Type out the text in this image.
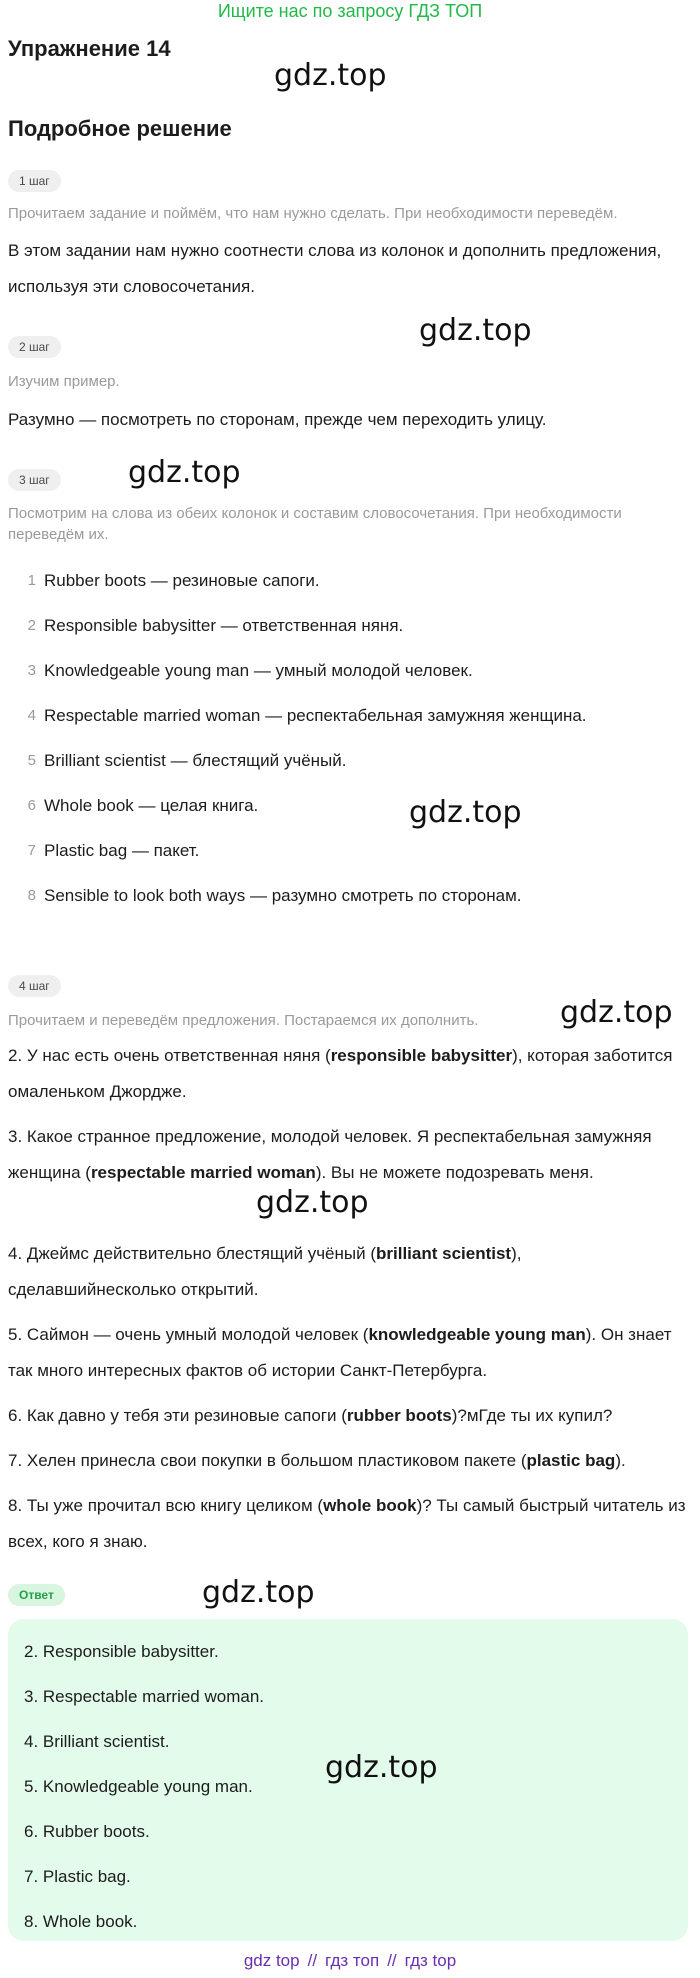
Ищите нас по запросу ГДЗ ТОП
Упражнение 14
gdz.top
Подробное решение
1 шаг
Прочитаем задание и поймём, что нам нужно сделать. При необходимости переведём.
В этом задании нам нужно соотнести слова из колонок и дополнить предложения, используя эти словосочетания.
gdz.top
2 шаг
Изучим пример.
Разумно — посмотреть по сторонам, прежде чем переходить улицу.
3 шаг	gdz.top
Посмотрим на слова из обеих колонок и составим словосочетания. При необходимости переведём их.
1 Rubber boots — резиновые сапоги.
2 Responsible babysitter — ответственная няня.
3 Knowledgeable young man — умный молодой человек.
4 Respectable married woman — респектабельная замужняя женщина.
5 Brilliant scientist — блестящий учёный.
6 Whole book — целая книга.
7 Plastic bag — пакет.
8 Sensible to look both ways — разумно смотреть по сторонам.
gdz.top
4 шаг
Прочитаем и переведём предложения. Постараемся их дополнить.	gdz.top

2. У нас есть очень ответственная няня (responsible babysitter), которая заботится омаленьком Джордже.

3. Какое странное предложение, молодой человек. Я респектабельная замужняя женщина (respectable married woman). Вы не можете подозревать меня.

gdz.top

4. Джеймс действительно блестящий учёный (brilliant scientist), сделавшийнесколько открытий.

5. Саймон — очень умный молодой человек (knowledgeable young man). Он знает так много интересных фактов об истории Санкт-Петербурга.

6. Как давно у тебя эти резиновые сапоги (rubber boots)?мГде ты их купил?

7. Хелен принесла свои покупки в большом пластиковом пакете (plastic bag).

8. Ты уже прочитал всю книгу целиком (whole book)? Ты самый быстрый читатель из всех, кого я знаю.

Ответ	gdz.top
2. Responsible babysitter.
3. Respectable married woman.
4. Brilliant scientist.
5. Knowledgeable young man.
6. Rubber boots.
7. Plastic bag.
8. Whole book.
gdz.top
gdz top // гдз топ // гдз top
